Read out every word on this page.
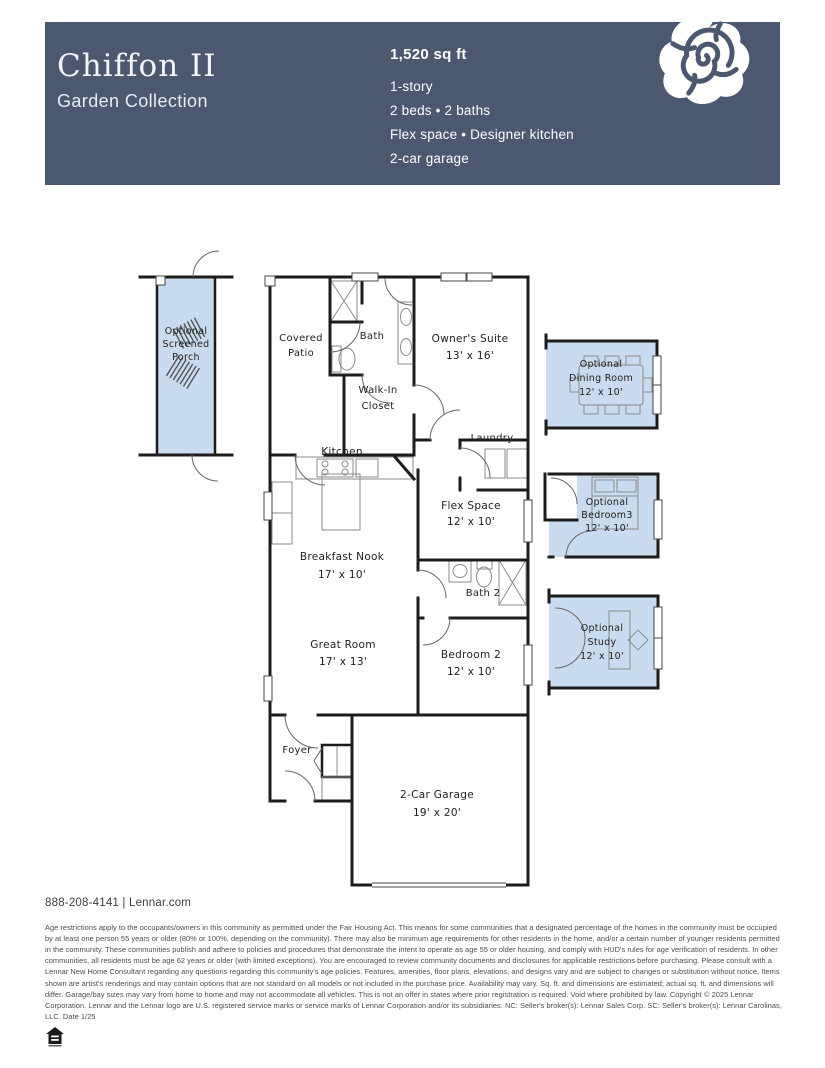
Chiffon II
Garden Collection
1,520 sq ft
1-story
2 beds • 2 baths
Flex space • Designer kitchen
2-car garage
Optional
Screened
Porch
Covered
Patio
Bath	Owner's Suite
13' x 16'
Walk-In
Closet
Optional
Dining Room
12' x 10'
Kitchen
Laundry
Flex Space
12' x 10'
Optional
Bedroom3
12' x 10'
Breakfast Nook
17' x 10'
Bath 2
Great Room
17' x 13'
Bedroom 2
12' x 10'
Optional
Study
12' x 10'
Foyer
2-Car Garage
19' x 20'
888-208-4141 | Lennar.com

Age restrictions apply to the occupants/owners in this community as permitted under the Fair Housing Act. This means for some communities that a designated percentage of the homes in the community must be occupied by at least one person 55 years or older (80% or 100%, depending on the community). There may also be minimum age requirements for other residents in the home, and/or a certain number of younger residents permitted in the community. These communities publish and adhere to policies and procedures that demonstrate the intent to operate as age 55 or older housing, and comply with HUD's rules for age verification of residents. In other communities, all residents must be age 62 years or older (with limited exceptions). You are encouraged to review community documents and disclosures for applicable restrictions before purchasing. Please consult with a Lennar New Home Consultant regarding any questions regarding this community's age policies. Features, amenities, floor plans, elevations, and designs vary and are subject to changes or substitution without notice. Items shown are artist's renderings and may contain options that are not standard on all models or not included in the purchase price. Availability may vary. Sq. ft. and dimensions are estimated; actual sq. ft. and dimensions will differ. Garage/bay sizes may vary from home to home and may not accommodate all vehicles. This is not an offer in states where prior registration is required. Void where prohibited by law. Copyright © 2025 Lennar Corporation. Lennar and the Lennar logo are U.S. registered service marks or service marks of Lennar Corporation and/or its subsidiaries. NC: Seller's broker(s): Lennar Sales Corp. SC: Seller's broker(s): Lennar Carolinas, LLC. Date 1/25
